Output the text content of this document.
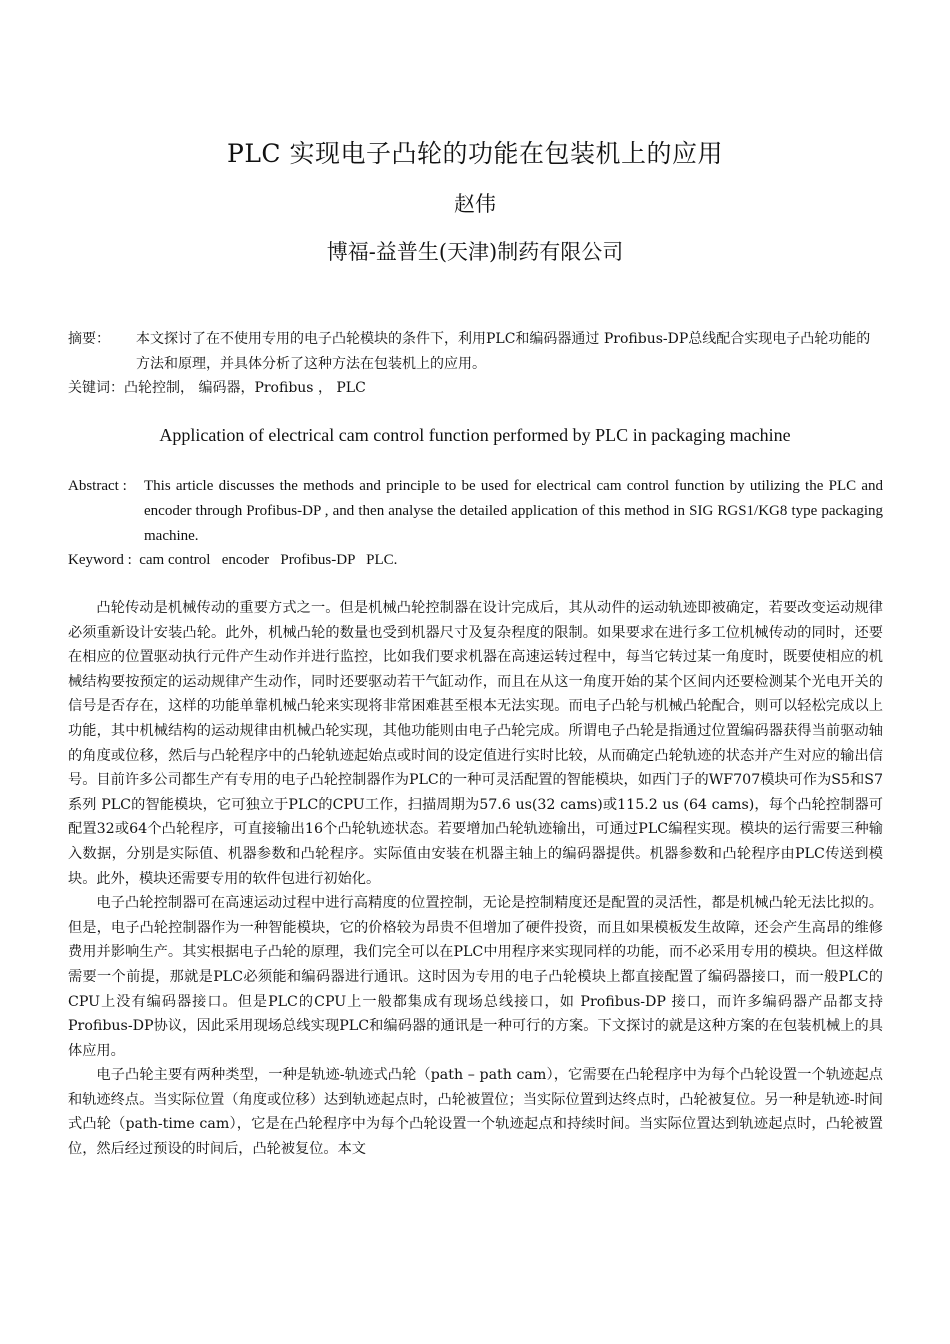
PLC 实现电子凸轮的功能在包装机上的应用
赵伟
博福-益普生(天津)制药有限公司
摘要：	本文探讨了在不使用专用的电子凸轮模块的条件下，利用PLC和编码器通过 Profibus-DP总线配合实现电子凸轮功能的方法和原理，并具体分析了这种方法在包装机上的应用。
关键词：凸轮控制， 编码器，Profibus ， PLC
Application of electrical cam control function performed by PLC in packaging machine
Abstract :	This article discusses the methods and principle to be used for electrical cam control function by utilizing the PLC and encoder through Profibus-DP , and then analyse the detailed application of this method in SIG RGS1/KG8 type packaging machine.
Keyword :  cam control   encoder   Profibus-DP   PLC.

凸轮传动是机械传动的重要方式之一。但是机械凸轮控制器在设计完成后，其从动件的运动轨迹即被确定，若要改变运动规律必须重新设计安装凸轮。此外，机械凸轮的数量也受到机器尺寸及复杂程度的限制。如果要求在进行多工位机械传动的同时，还要在相应的位置驱动执行元件产生动作并进行监控，比如我们要求机器在高速运转过程中，每当它转过某一角度时，既要使相应的机械结构要按预定的运动规律产生动作，同时还要驱动若干气缸动作，而且在从这一角度开始的某个区间内还要检测某个光电开关的信号是否存在，这样的功能单靠机械凸轮来实现将非常困难甚至根本无法实现。而电子凸轮与机械凸轮配合，则可以轻松完成以上功能，其中机械结构的运动规律由机械凸轮实现，其他功能则由电子凸轮完成。所谓电子凸轮是指通过位置编码器获得当前驱动轴的角度或位移，然后与凸轮程序中的凸轮轨迹起始点或时间的设定值进行实时比较，从而确定凸轮轨迹的状态并产生对应的输出信号。目前许多公司都生产有专用的电子凸轮控制器作为PLC的一种可灵活配置的智能模块，如西门子的WF707模块可作为S5和S7系列 PLC的智能模块，它可独立于PLC的CPU工作，扫描周期为57.6 us(32 cams)或115.2 us (64 cams)，每个凸轮控制器可配置32或64个凸轮程序，可直接输出16个凸轮轨迹状态。若要增加凸轮轨迹输出，可通过PLC编程实现。模块的运行需要三种输入数据，分别是实际值、机器参数和凸轮程序。实际值由安装在机器主轴上的编码器提供。机器参数和凸轮程序由PLC传送到模块。此外，模块还需要专用的软件包进行初始化。

电子凸轮控制器可在高速运动过程中进行高精度的位置控制，无论是控制精度还是配置的灵活性，都是机械凸轮无法比拟的。但是，电子凸轮控制器作为一种智能模块，它的价格较为昂贵不但增加了硬件投资，而且如果模板发生故障，还会产生高昂的维修费用并影响生产。其实根据电子凸轮的原理，我们完全可以在PLC中用程序来实现同样的功能，而不必采用专用的模块。但这样做需要一个前提，那就是PLC必须能和编码器进行通讯。这时因为专用的电子凸轮模块上都直接配置了编码器接口，而一般PLC的CPU上没有编码器接口。但是PLC的CPU上一般都集成有现场总线接口，如 Profibus-DP 接口，而许多编码器产品都支持Profibus-DP协议，因此采用现场总线实现PLC和编码器的通讯是一种可行的方案。下文探讨的就是这种方案的在包装机械上的具体应用。

电子凸轮主要有两种类型，一种是轨迹-轨迹式凸轮（path – path cam），它需要在凸轮程序中为每个凸轮设置一个轨迹起点和轨迹终点。当实际位置（角度或位移）达到轨迹起点时，凸轮被置位；当实际位置到达终点时，凸轮被复位。另一种是轨迹-时间式凸轮（path-time cam），它是在凸轮程序中为每个凸轮设置一个轨迹起点和持续时间。当实际位置达到轨迹起点时，凸轮被置位，然后经过预设的时间后，凸轮被复位。本文
